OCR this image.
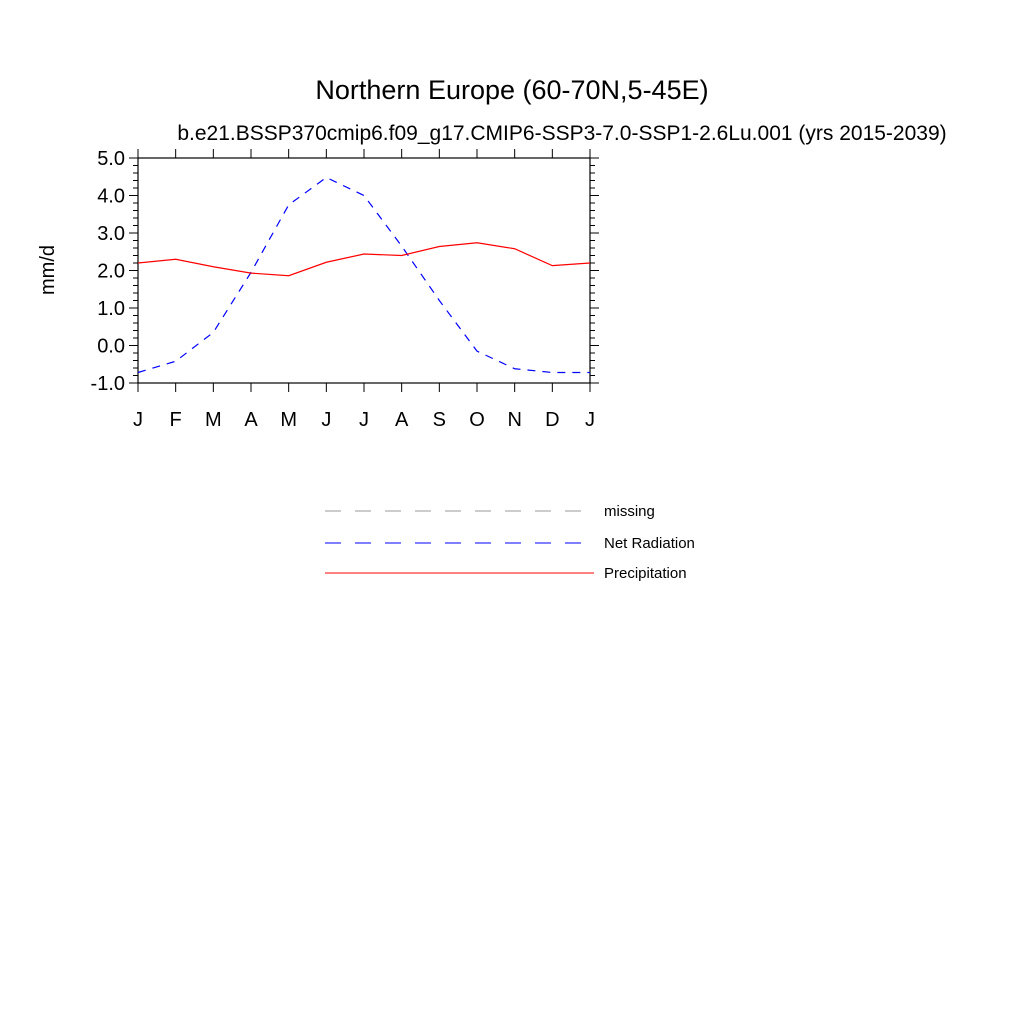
Northern Europe (60-70N,5-45E)
b.e21.BSSP370cmip6.f09_g17.CMIP6-SSP3-7.0-SSP1-2.6Lu.001 (yrs 2015-2039)
mm/d
-1.0
0.0
1.0
2.0
3.0
4.0
5.0
J F M A M J J A S O N D J
missing
Net Radiation
Precipitation
